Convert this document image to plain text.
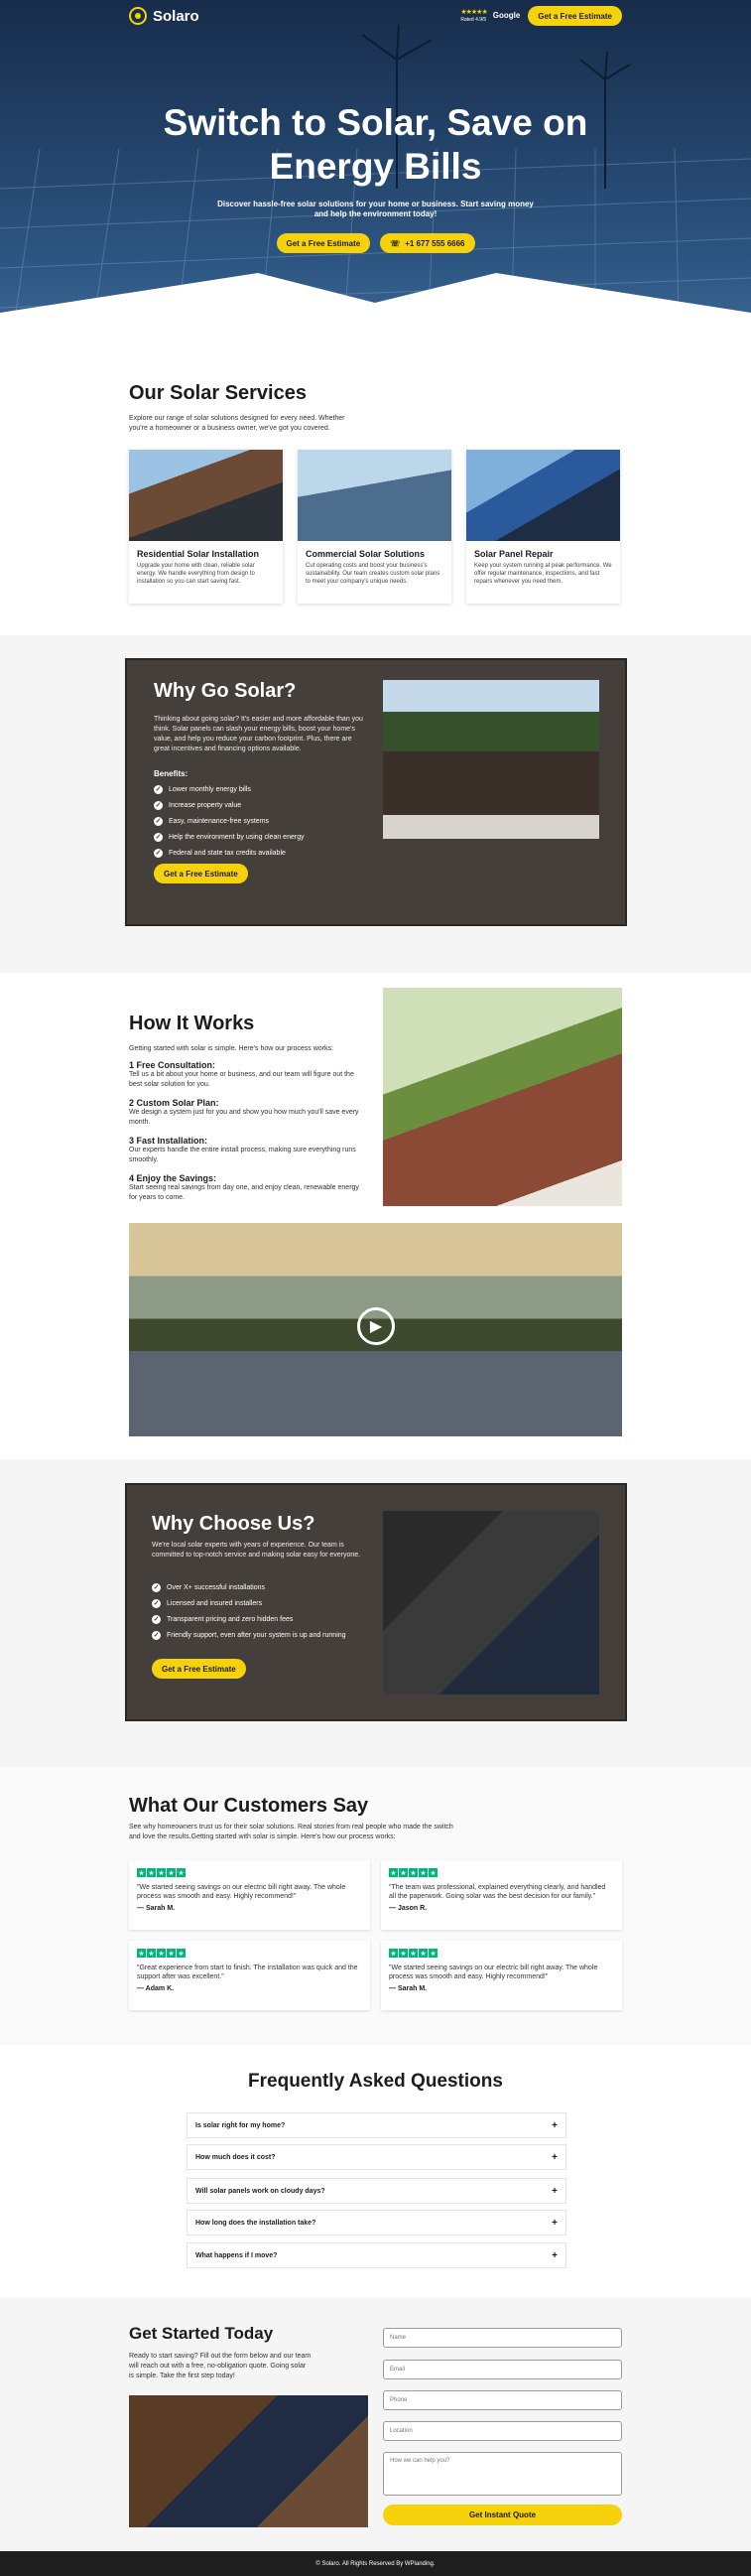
Solaro	★★★★★
Rated 4.9/5 Google	Get a Free Estimate
Switch to Solar, Save on
Energy Bills
Discover hassle-free solar solutions for your home or business. Start saving money
and help the environment today!
Get a Free Estimate	☏ +1 677 555 6666
Our Solar Services
Explore our range of solar solutions designed for every need. Whether
you're a homeowner or a business owner, we've got you covered.
Residential Solar Installation
Upgrade your home with clean, reliable solar energy. We handle everything from design to installation so you can start saving fast.
Commercial Solar Solutions
Cut operating costs and boost your business's sustainability. Our team creates custom solar plans to meet your company's unique needs.
Solar Panel Repair
Keep your system running at peak performance. We offer regular maintenance, inspections, and fast repairs whenever you need them.
Why Go Solar?
Thinking about going solar? It's easier and more affordable than you think. Solar panels can slash your energy bills, boost your home's value, and help you reduce your carbon footprint. Plus, there are great incentives and financing options available.
Benefits:
✓ Lower monthly energy bills
✓ Increase property value
✓ Easy, maintenance-free systems
✓ Help the environment by using clean energy
✓ Federal and state tax credits available
Get a Free Estimate
How It Works
Getting started with solar is simple. Here's how our process works:
1 Free Consultation:
Tell us a bit about your home or business, and our team will figure out the best solar solution for you.
2 Custom Solar Plan:
We design a system just for you and show you how much you'll save every month.
3 Fast Installation:
Our experts handle the entire install process, making sure everything runs smoothly.
4 Enjoy the Savings:
Start seeing real savings from day one, and enjoy clean, renewable energy for years to come.
▶
Why Choose Us?
We're local solar experts with years of experience. Our team is committed to top-notch service and making solar easy for everyone.
✓ Over X+ successful installations
✓ Licensed and insured installers
✓ Transparent pricing and zero hidden fees
✓ Friendly support, even after your system is up and running
Get a Free Estimate
What Our Customers Say
See why homeowners trust us for their solar solutions. Real stories from real people who made the switch and love the results.Getting started with solar is simple. Here's how our process works:
★ ★ ★ ★ ★
"We started seeing savings on our electric bill right away. The whole process was smooth and easy. Highly recommend!"
— Sarah M.
★ ★ ★ ★ ★
"The team was professional, explained everything clearly, and handled all the paperwork. Going solar was the best decision for our family."
— Jason R.
★ ★ ★ ★ ★
"Great experience from start to finish. The installation was quick and the support after was excellent."
— Adam K.
★ ★ ★ ★ ★
"We started seeing savings on our electric bill right away. The whole process was smooth and easy. Highly recommend!"
— Sarah M.
Frequently Asked Questions
Is solar right for my home?	+
How much does it cost?	+
Will solar panels work on cloudy days?	+
How long does the installation take?	+
What happens if I move?	+
Get Started Today
Ready to start saving? Fill out the form below and our team will reach out with a free, no-obligation quote. Going solar is simple. Take the first step today!
Name
Email
Phone
Location
How we can help you?
Get Instant Quote
© Solaro. All Rights Reserved By WPlanding.
